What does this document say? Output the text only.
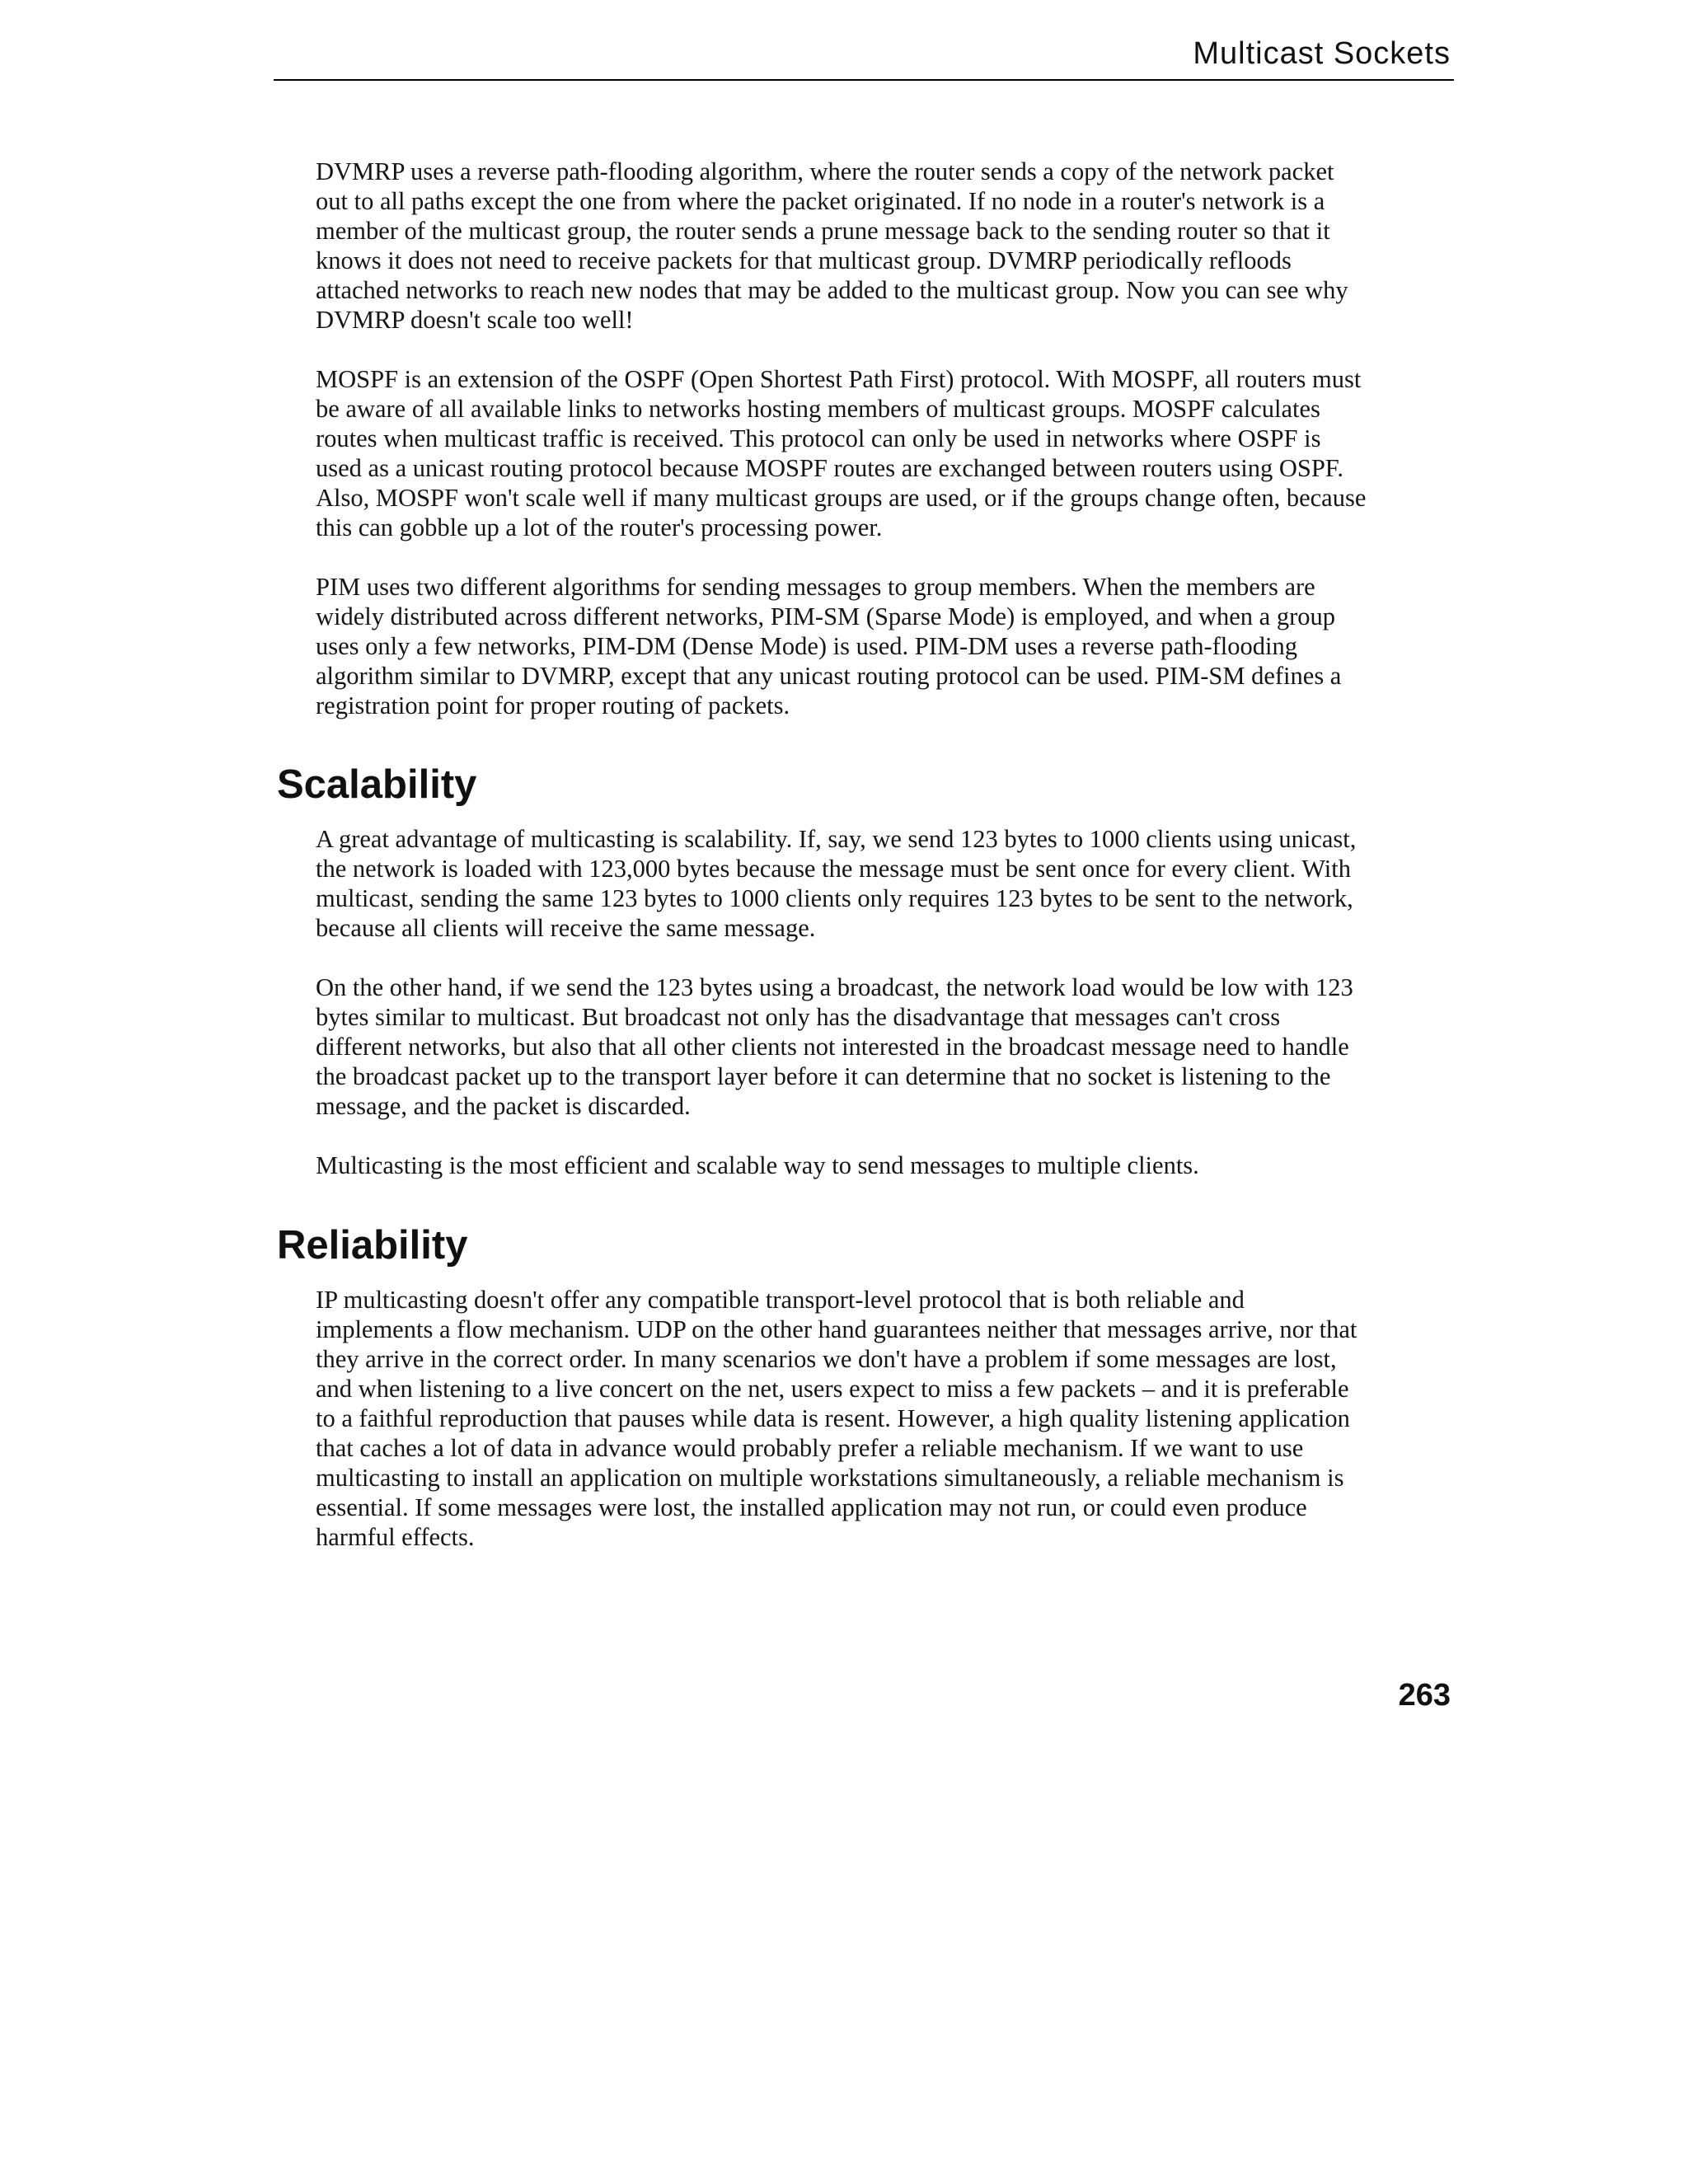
Multicast Sockets

DVMRP uses a reverse path-flooding algorithm, where the router sends a copy of the network packet
out to all paths except the one from where the packet originated. If no node in a router's network is a
member of the multicast group, the router sends a prune message back to the sending router so that it
knows it does not need to receive packets for that multicast group. DVMRP periodically refloods
attached networks to reach new nodes that may be added to the multicast group. Now you can see why
DVMRP doesn't scale too well!

MOSPF is an extension of the OSPF (Open Shortest Path First) protocol. With MOSPF, all routers must
be aware of all available links to networks hosting members of multicast groups. MOSPF calculates
routes when multicast traffic is received. This protocol can only be used in networks where OSPF is
used as a unicast routing protocol because MOSPF routes are exchanged between routers using OSPF.
Also, MOSPF won't scale well if many multicast groups are used, or if the groups change often, because
this can gobble up a lot of the router's processing power.

PIM uses two different algorithms for sending messages to group members. When the members are
widely distributed across different networks, PIM-SM (Sparse Mode) is employed, and when a group
uses only a few networks, PIM-DM (Dense Mode) is used. PIM-DM uses a reverse path-flooding
algorithm similar to DVMRP, except that any unicast routing protocol can be used. PIM-SM defines a
registration point for proper routing of packets.

Scalability

A great advantage of multicasting is scalability. If, say, we send 123 bytes to 1000 clients using unicast,
the network is loaded with 123,000 bytes because the message must be sent once for every client. With
multicast, sending the same 123 bytes to 1000 clients only requires 123 bytes to be sent to the network,
because all clients will receive the same message.

On the other hand, if we send the 123 bytes using a broadcast, the network load would be low with 123
bytes similar to multicast. But broadcast not only has the disadvantage that messages can't cross
different networks, but also that all other clients not interested in the broadcast message need to handle
the broadcast packet up to the transport layer before it can determine that no socket is listening to the
message, and the packet is discarded.

Multicasting is the most efficient and scalable way to send messages to multiple clients.

Reliability

IP multicasting doesn't offer any compatible transport-level protocol that is both reliable and
implements a flow mechanism. UDP on the other hand guarantees neither that messages arrive, nor that
they arrive in the correct order. In many scenarios we don't have a problem if some messages are lost,
and when listening to a live concert on the net, users expect to miss a few packets – and it is preferable
to a faithful reproduction that pauses while data is resent. However, a high quality listening application
that caches a lot of data in advance would probably prefer a reliable mechanism. If we want to use
multicasting to install an application on multiple workstations simultaneously, a reliable mechanism is
essential. If some messages were lost, the installed application may not run, or could even produce
harmful effects.

263
